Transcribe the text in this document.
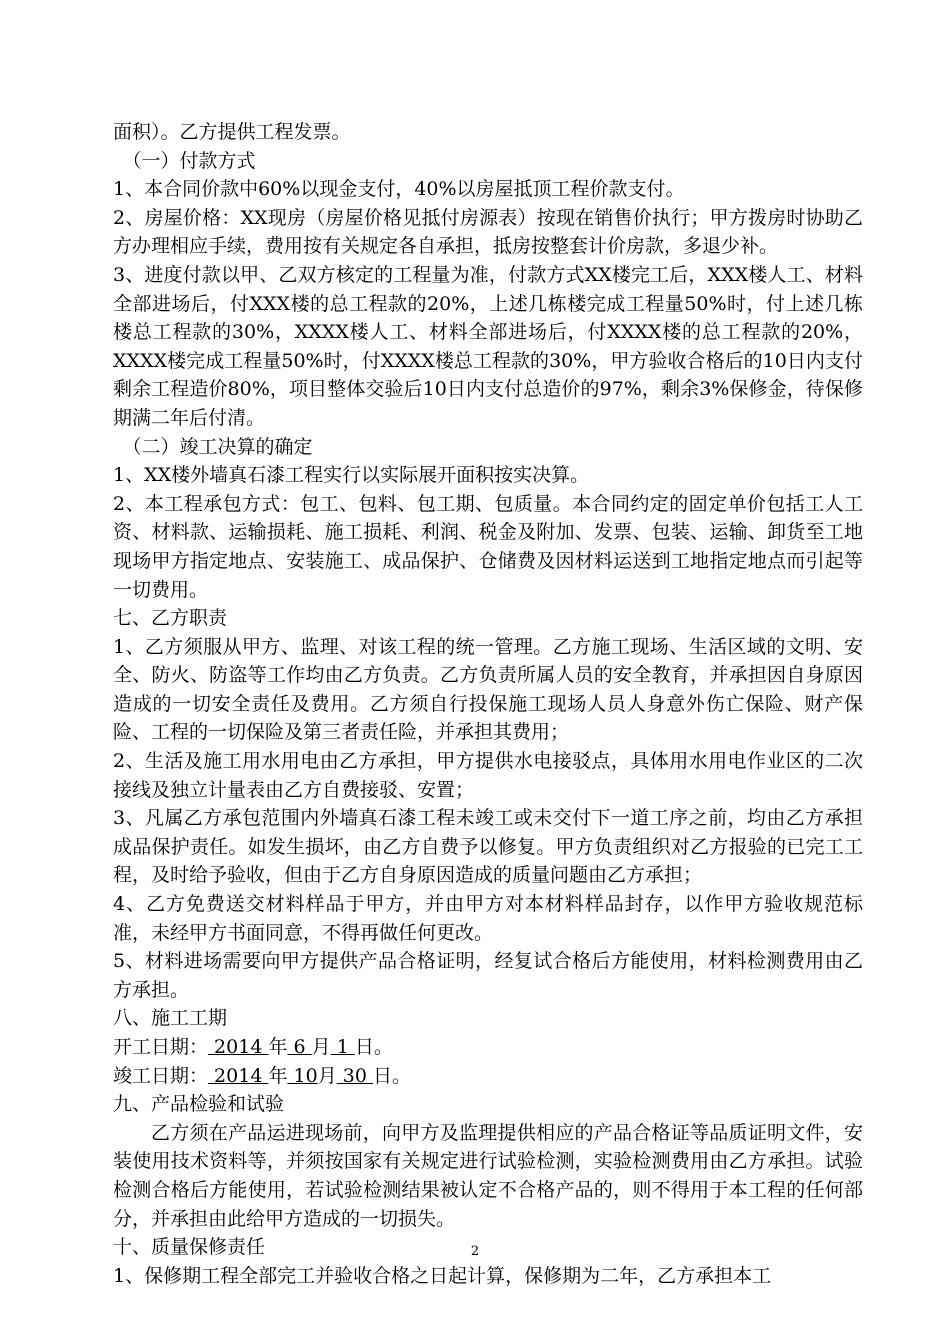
面积）。乙方提供工程发票。

（一）付款方式

1、本合同价款中60%以现金支付，40%以房屋抵顶工程价款支付。

2、房屋价格：XX现房（房屋价格见抵付房源表）按现在销售价执行；甲方拨房时协助乙方办理相应手续，费用按有关规定各自承担，抵房按整套计价房款，多退少补。

3、进度付款以甲、乙双方核定的工程量为准，付款方式XX楼完工后，XXX楼人工、材料全部进场后，付XXX楼的总工程款的20%，上述几栋楼完成工程量50%时，付上述几栋楼总工程款的30%，XXXX楼人工、材料全部进场后，付XXXX楼的总工程款的20%，XXXX楼完成工程量50%时，付XXXX楼总工程款的30%，甲方验收合格后的10日内支付剩余工程造价80%，项目整体交验后10日内支付总造价的97%，剩余3%保修金，待保修期满二年后付清。

（二）竣工决算的确定

1、XX楼外墙真石漆工程实行以实际展开面积按实决算。

2、本工程承包方式：包工、包料、包工期、包质量。本合同约定的固定单价包括工人工资、材料款、运输损耗、施工损耗、利润、税金及附加、发票、包装、运输、卸货至工地现场甲方指定地点、安装施工、成品保护、仓储费及因材料运送到工地指定地点而引起等一切费用。

七、乙方职责

1、乙方须服从甲方、监理、对该工程的统一管理。乙方施工现场、生活区域的文明、安全、防火、防盗等工作均由乙方负责。乙方负责所属人员的安全教育，并承担因自身原因造成的一切安全责任及费用。乙方须自行投保施工现场人员人身意外伤亡保险、财产保险、工程的一切保险及第三者责任险，并承担其费用；

2、生活及施工用水用电由乙方承担，甲方提供水电接驳点，具体用水用电作业区的二次接线及独立计量表由乙方自费接驳、安置；

3、凡属乙方承包范围内外墙真石漆工程未竣工或未交付下一道工序之前，均由乙方承担成品保护责任。如发生损坏，由乙方自费予以修复。甲方负责组织对乙方报验的已完工工程，及时给予验收，但由于乙方自身原因造成的质量问题由乙方承担；

4、乙方免费送交材料样品于甲方，并由甲方对本材料样品封存，以作甲方验收规范标准，未经甲方书面同意，不得再做任何更改。

5、材料进场需要向甲方提供产品合格证明，经复试合格后方能使用，材料检测费用由乙方承担。

八、施工工期

开工日期： 2014 年 6 月 1 日。

竣工日期： 2014 年 10月 30 日。

九、产品检验和试验

乙方须在产品运进现场前，向甲方及监理提供相应的产品合格证等品质证明文件，安装使用技术资料等，并须按国家有关规定进行试验检测，实验检测费用由乙方承担。试验检测合格后方能使用，若试验检测结果被认定不合格产品的，则不得用于本工程的任何部分，并承担由此给甲方造成的一切损失。

十、质量保修责任

1、保修期工程全部完工并验收合格之日起计算，保修期为二年，乙方承担本工

2
